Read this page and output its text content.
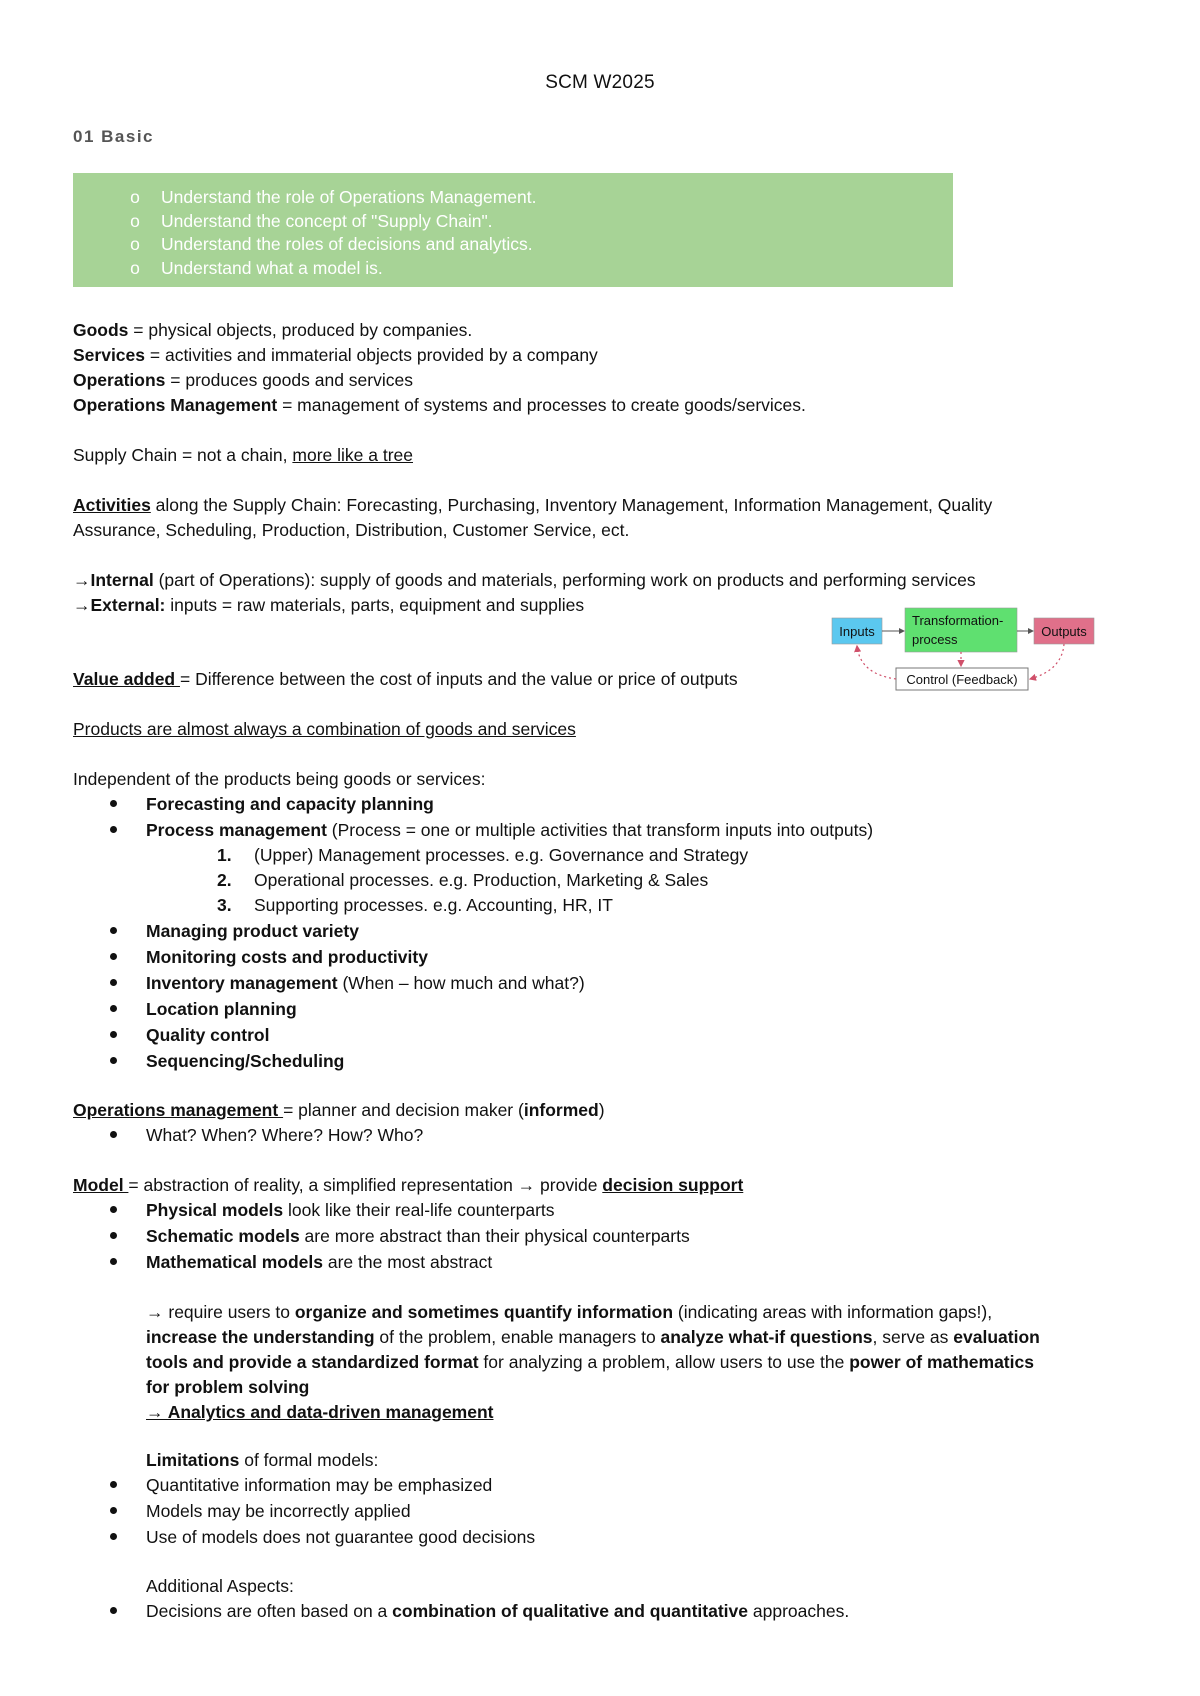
SCM W2025
01 Basic
o Understand the role of Operations Management.
o Understand the concept of "Supply Chain".
o Understand the roles of decisions and analytics.
o Understand what a model is.
Goods = physical objects, produced by companies.
Services = activities and immaterial objects provided by a company
Operations = produces goods and services
Operations Management = management of systems and processes to create goods/services.
Supply Chain = not a chain, more like a tree
Activities along the Supply Chain: Forecasting, Purchasing, Inventory Management, Information Management, Quality
Assurance, Scheduling, Production, Distribution, Customer Service, ect.
→Internal (part of Operations): supply of goods and materials, performing work on products and performing services
→External: inputs = raw materials, parts, equipment and supplies
Inputs
Transformation-
process
Outputs
Control (Feedback)
Value added = Difference between the cost of inputs and the value or price of outputs
Products are almost always a combination of goods and services
Independent of the products being goods or services:
Forecasting and capacity planning
Process management (Process = one or multiple activities that transform inputs into outputs)
1. (Upper) Management processes. e.g. Governance and Strategy
2. Operational processes. e.g. Production, Marketing & Sales
3. Supporting processes. e.g. Accounting, HR, IT
Managing product variety
Monitoring costs and productivity
Inventory management (When – how much and what?)
Location planning
Quality control
Sequencing/Scheduling
Operations management = planner and decision maker (informed)
What? When? Where? How? Who?
Model = abstraction of reality, a simplified representation → provide decision support
Physical models look like their real-life counterparts
Schematic models are more abstract than their physical counterparts
Mathematical models are the most abstract
→ require users to organize and sometimes quantify information (indicating areas with information gaps!),
increase the understanding of the problem, enable managers to analyze what-if questions, serve as evaluation
tools and provide a standardized format for analyzing a problem, allow users to use the power of mathematics
for problem solving
→ Analytics and data-driven management
Limitations of formal models:
Quantitative information may be emphasized
Models may be incorrectly applied
Use of models does not guarantee good decisions
Additional Aspects:
Decisions are often based on a combination of qualitative and quantitative approaches.
